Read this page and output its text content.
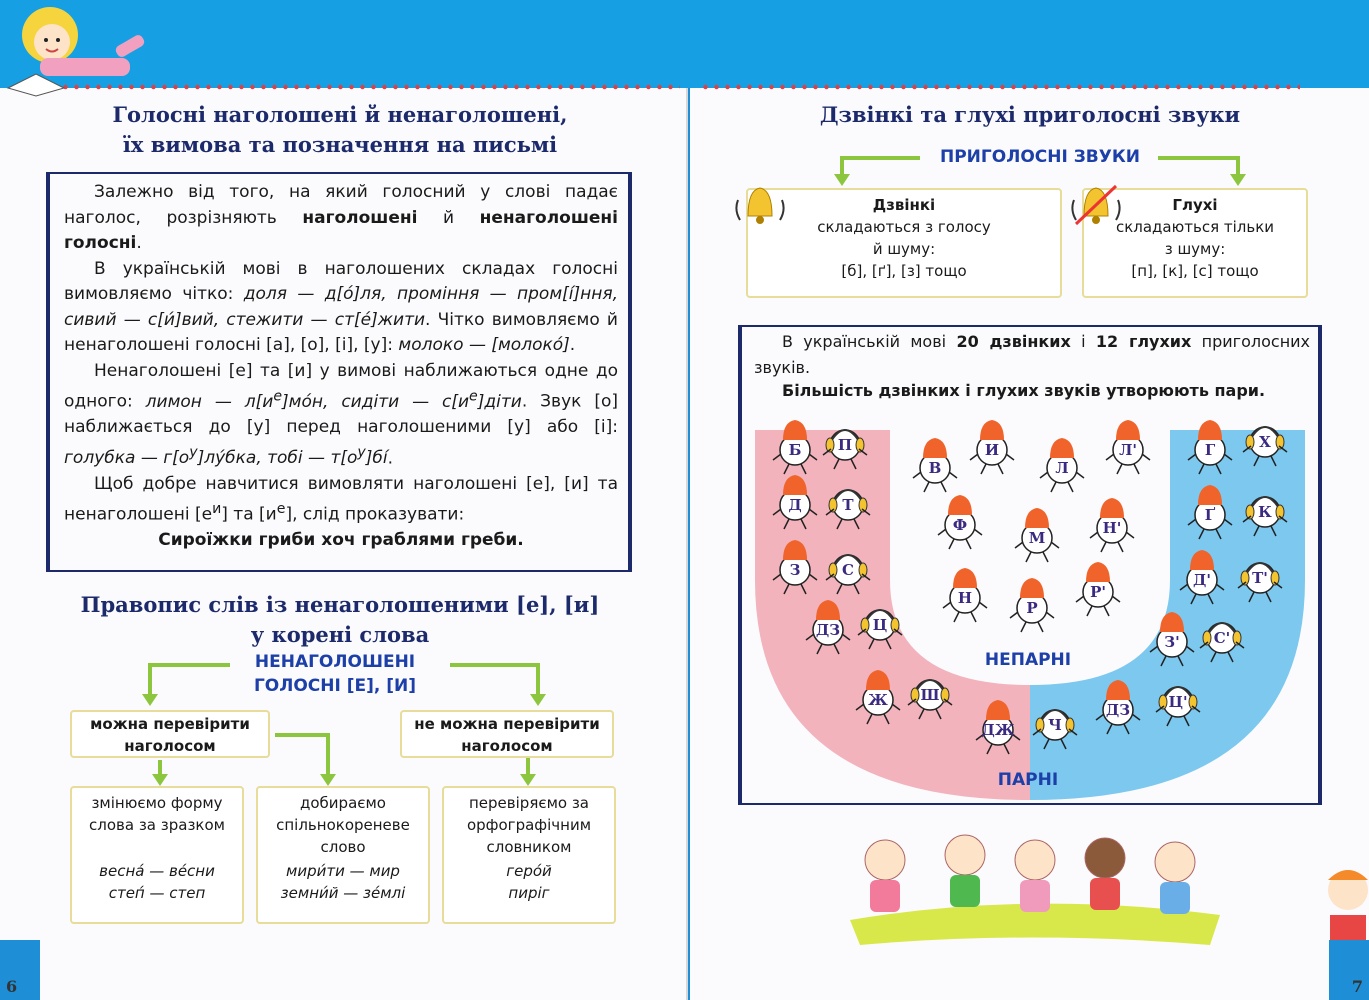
Голосні наголошені й ненаголошені,
їх вимова та позначення на письмі

Залежно від того, на який голосний у слові падає наголос, розрізняють наголошені й ненаголошені голосні.

В українській мові в наголошених складах голосні вимовляємо чітко: доля — д[ó]ля, проміння — пром[í]ння, сивий — с[и́]вий, стежити — ст[é]жити. Чітко вимовляємо й ненаголошені голосні [а], [о], [і], [у]: молоко — [молокó].

Ненаголошені [е] та [и] у вимові наближаються одне до одного: лимон — $л[и^е]мóн$, сидіти — $с[и^е]діти$. Звук [о] наближається до [у] перед наголошеними [у] або [і]: голубка — $г[о^у]лýбка$, тобі — $т[о^у]бí$.

Щоб добре навчитися вимовляти наголошені [е], [и] та ненаголошені $[е^и]$ та $[и^е]$, слід проказувати:

Сироїжки гриби хоч граблями греби.

Правопис слів із ненаголошеними [е], [и]
у корені слова
НЕНАГОЛОШЕНІ
ГОЛОСНІ [Е], [И]
можна перевірити наголосом
не можна перевірити наголосом
змінюємо форму слова за зразком
веснá — вéсни
степ́ — степ
добираємо спільнокореневе слово
мири́ти — мир
земни́й — зéмлі
перевіряємо за орфографічним словником
герóй
пиріг
6
Дзвінкі та глухі приголосні звуки
ПРИГОЛОСНІ ЗВУКИ
Дзвінкі
складаються з голосу
й шуму:
[б], [ґ], [з] тощо
Глухі
складаються тільки
з шуму:
[п], [к], [с] тощо
В українській мові 20 дзвінких і 12 глухих приголосних звуків.
Більшість дзвінких і глухих звуків утворюють пари.
НЕПАРНІ
ПАРНІ
Б
Д
З
ДЗ
Ж
ДЖ
П
Т
С
Ц
Ш
Ч
Г
Ґ
Д'
З'
ДЗ
Х
К
Т'
С'
Ц'
В
И
Л
Л'
Ф
М
Н'
Н
Р
Р'
7
